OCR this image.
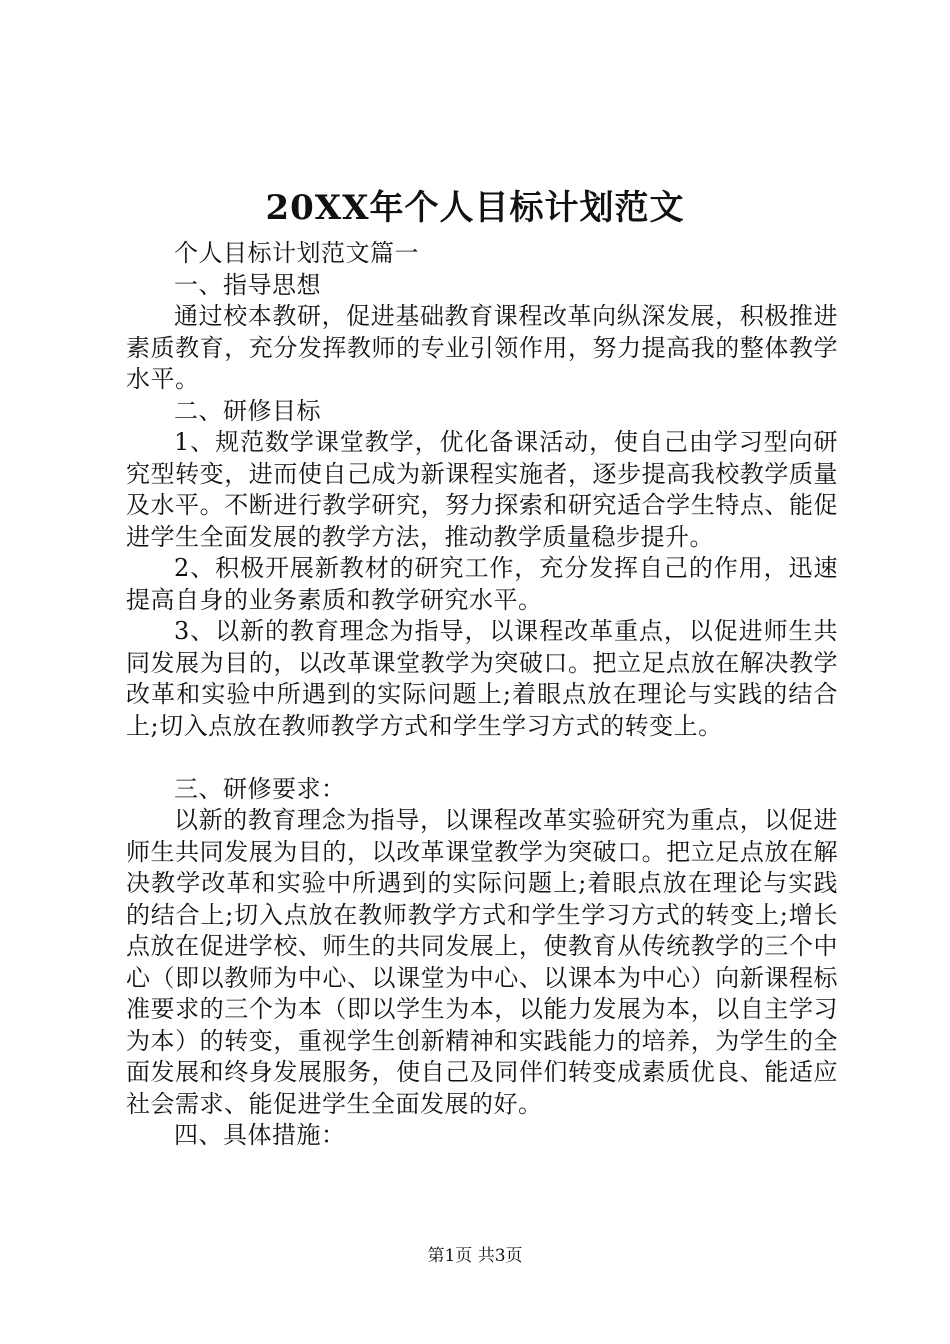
20XX年个人目标计划范文

个人目标计划范文篇一

一、指导思想

通过校本教研，促进基础教育课程改革向纵深发展，积极推进素质教育，充分发挥教师的专业引领作用，努力提高我的整体教学水平。

二、研修目标

1、规范数学课堂教学，优化备课活动，使自己由学习型向研究型转变，进而使自己成为新课程实施者，逐步提高我校教学质量及水平。不断进行教学研究，努力探索和研究适合学生特点、能促进学生全面发展的教学方法，推动教学质量稳步提升。

2、积极开展新教材的研究工作，充分发挥自己的作用，迅速提高自身的业务素质和教学研究水平。

3、以新的教育理念为指导，以课程改革重点，以促进师生共同发展为目的，以改革课堂教学为突破口。把立足点放在解决教学改革和实验中所遇到的实际问题上;着眼点放在理论与实践的结合上;切入点放在教师教学方式和学生学习方式的转变上。

三、研修要求：

以新的教育理念为指导，以课程改革实验研究为重点，以促进师生共同发展为目的，以改革课堂教学为突破口。把立足点放在解决教学改革和实验中所遇到的实际问题上;着眼点放在理论与实践的结合上;切入点放在教师教学方式和学生学习方式的转变上;增长点放在促进学校、师生的共同发展上，使教育从传统教学的三个中心（即以教师为中心、以课堂为中心、以课本为中心）向新课程标准要求的三个为本（即以学生为本，以能力发展为本，以自主学习为本）的转变，重视学生创新精神和实践能力的培养，为学生的全面发展和终身发展服务，使自己及同伴们转变成素质优良、能适应社会需求、能促进学生全面发展的好。

四、具体措施：

第1页 共3页
